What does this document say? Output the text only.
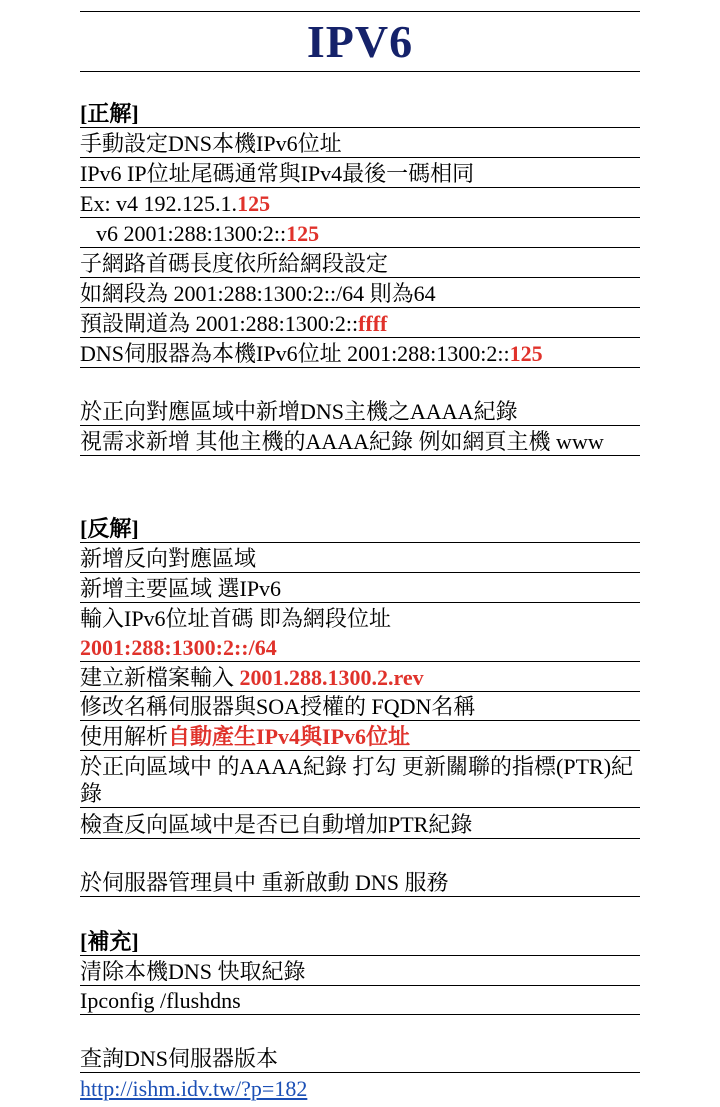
IPV6
[正解]
手動設定DNS本機IPv6位址
IPv6 IP位址尾碼通常與IPv4最後一碼相同
Ex: v4 192.125.1.125
v6 2001:288:1300:2::125
子網路首碼長度依所給網段設定
如網段為 2001:288:1300:2::/64 則為64
預設閘道為 2001:288:1300:2::ffff
DNS伺服器為本機IPv6位址 2001:288:1300:2::125
於正向對應區域中新增DNS主機之AAAA紀錄
視需求新增 其他主機的AAAA紀錄 例如網頁主機 www
[反解]
新增反向對應區域
新增主要區域 選IPv6
輸入IPv6位址首碼 即為網段位址
2001:288:1300:2::/64
建立新檔案輸入 2001.288.1300.2.rev
修改名稱伺服器與SOA授權的 FQDN名稱
使用解析自動產生IPv4與IPv6位址
於正向區域中 的AAAA紀錄 打勾 更新關聯的指標(PTR)紀錄
檢查反向區域中是否已自動增加PTR紀錄
於伺服器管理員中 重新啟動 DNS 服務
[補充]
清除本機DNS 快取紀錄
Ipconfig /flushdns
查詢DNS伺服器版本
http://ishm.idv.tw/?p=182
